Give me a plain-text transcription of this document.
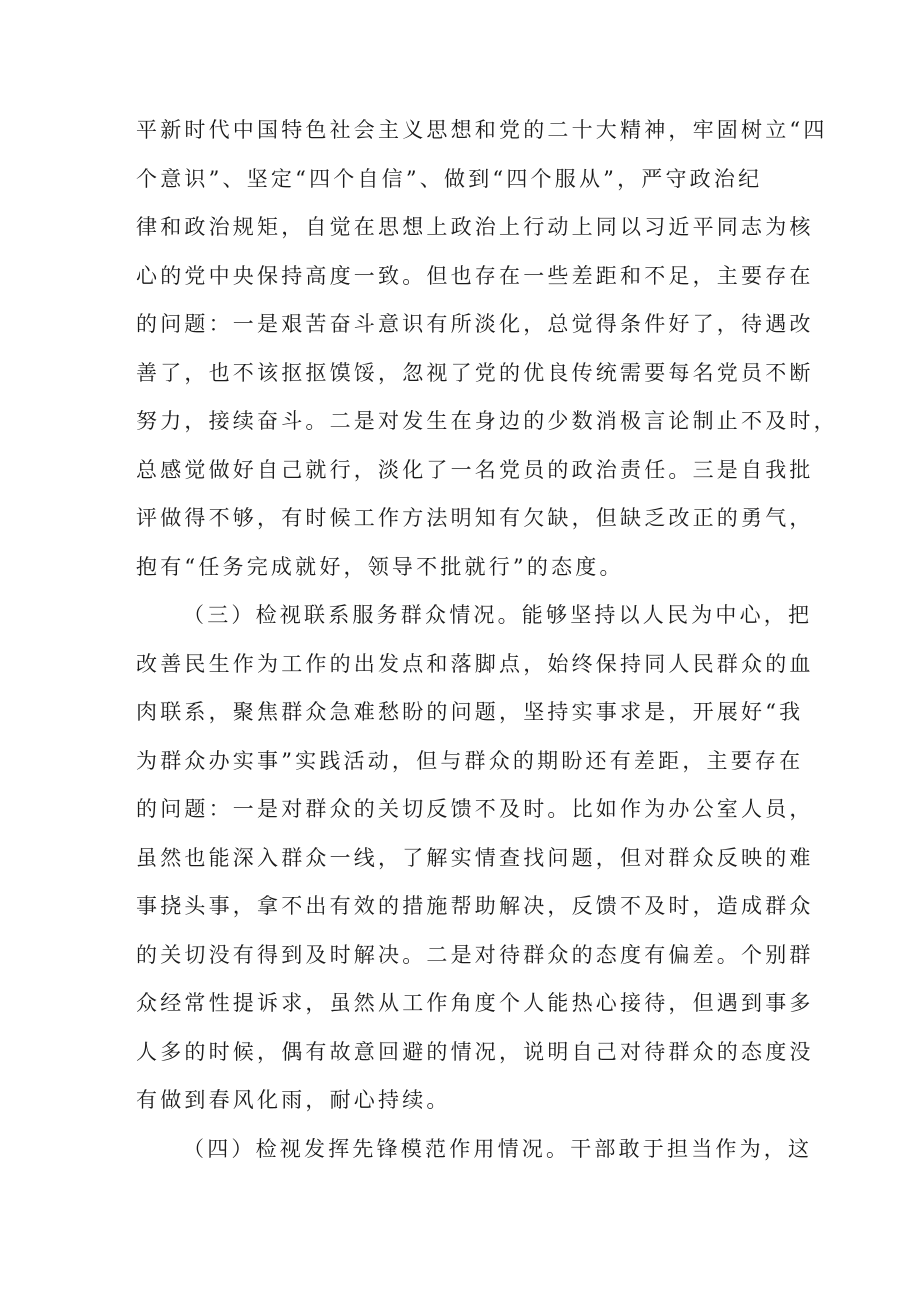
平新时代中国特色社会主义思想和党的二十大精神，牢固树立“四
个意识”、坚定“四个自信”、做到“四个服从”，严守政治纪
律和政治规矩，自觉在思想上政治上行动上同以习近平同志为核
心的党中央保持高度一致。但也存在一些差距和不足，主要存在
的问题：一是艰苦奋斗意识有所淡化，总觉得条件好了，待遇改
善了，也不该抠抠馍馁，忽视了党的优良传统需要每名党员不断
努力，接续奋斗。二是对发生在身边的少数消极言论制止不及时，
总感觉做好自己就行，淡化了一名党员的政治责任。三是自我批
评做得不够，有时候工作方法明知有欠缺，但缺乏改正的勇气，
抱有“任务完成就好，领导不批就行”的态度。
（三）检视联系服务群众情况。能够坚持以人民为中心，把
改善民生作为工作的出发点和落脚点，始终保持同人民群众的血
肉联系，聚焦群众急难愁盼的问题，坚持实事求是，开展好“我
为群众办实事”实践活动，但与群众的期盼还有差距，主要存在
的问题：一是对群众的关切反馈不及时。比如作为办公室人员，
虽然也能深入群众一线，了解实情查找问题，但对群众反映的难
事挠头事，拿不出有效的措施帮助解决，反馈不及时，造成群众
的关切没有得到及时解决。二是对待群众的态度有偏差。个别群
众经常性提诉求，虽然从工作角度个人能热心接待，但遇到事多
人多的时候，偶有故意回避的情况，说明自己对待群众的态度没
有做到春风化雨，耐心持续。
（四）检视发挥先锋模范作用情况。干部敢于担当作为，这
